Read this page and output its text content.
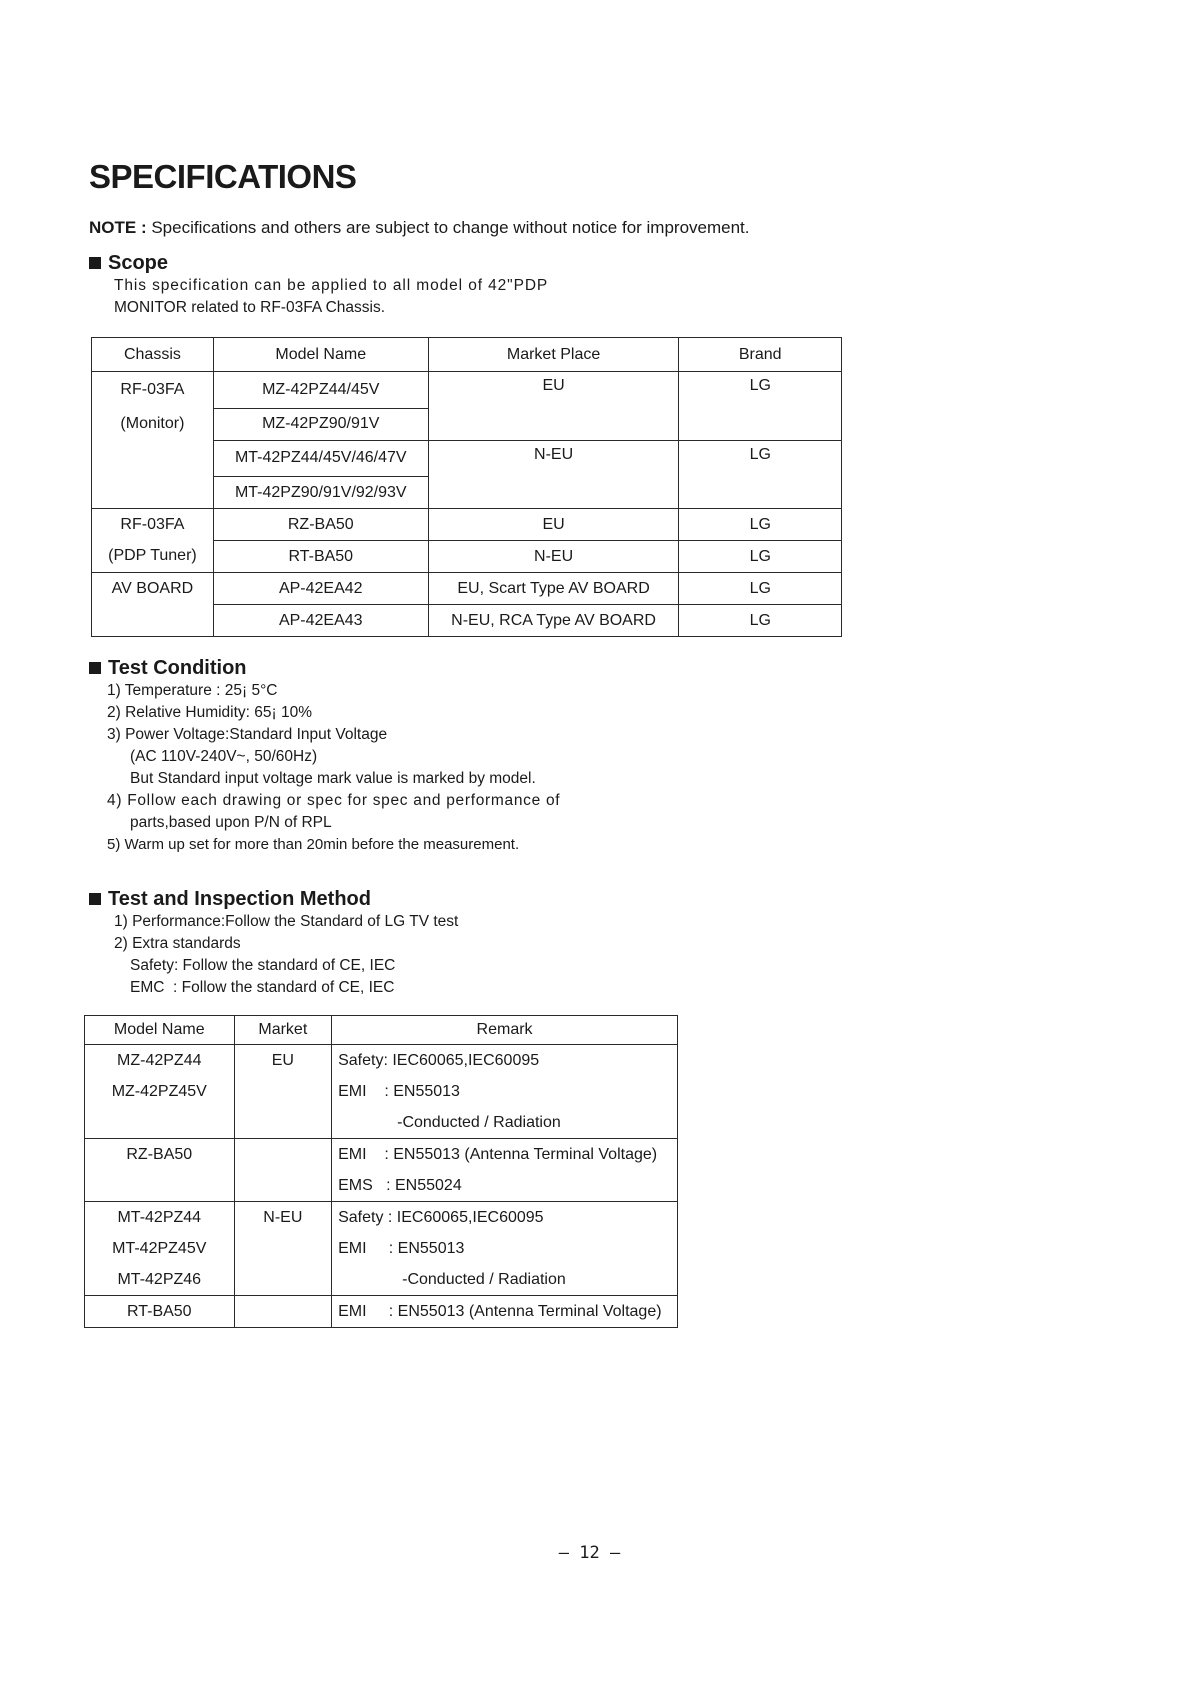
SPECIFICATIONS
NOTE : Specifications and others are subject to change without notice for improvement.
Scope
This specification can be applied to all model of 42"PDP
MONITOR related to RF-03FA Chassis.
Chassis	Model Name	Market Place	Brand
RF-03FA	MZ-42PZ44/45V	EU	LG
(Monitor)	MZ-42PZ90/91V		
	MT-42PZ44/45V/46/47V	N-EU	LG
	MT-42PZ90/91V/92/93V		
RF-03FA	RZ-BA50	EU	LG
(PDP Tuner)	RT-BA50	N-EU	LG
AV BOARD	AP-42EA42	EU, Scart Type AV BOARD	LG
	AP-42EA43	N-EU, RCA Type AV BOARD	LG
Test Condition
1) Temperature : 25¡ 5°C
2) Relative Humidity: 65¡ 10%
3) Power Voltage:Standard Input Voltage
(AC 110V-240V~, 50/60Hz)
But Standard input voltage mark value is marked by model.
4) Follow each drawing or spec for spec and performance of
parts,based upon P/N of RPL
5) Warm up set for more than 20min before the measurement.
Test and Inspection Method
1) Performance:Follow the Standard of LG TV test
2) Extra standards
Safety: Follow the standard of CE, IEC
EMC  : Follow the standard of CE, IEC
Model Name	Market	Remark
MZ-42PZ44	EU	Safety: IEC60065,IEC60095
MZ-42PZ45V		EMI    : EN55013
		-Conducted / Radiation
RZ-BA50		EMI    : EN55013 (Antenna Terminal Voltage)
		EMS   : EN55024
MT-42PZ44	N-EU	Safety : IEC60065,IEC60095
MT-42PZ45V		EMI     : EN55013
MT-42PZ46		-Conducted / Radiation
RT-BA50		EMI     : EN55013 (Antenna Terminal Voltage)
– 12 –
